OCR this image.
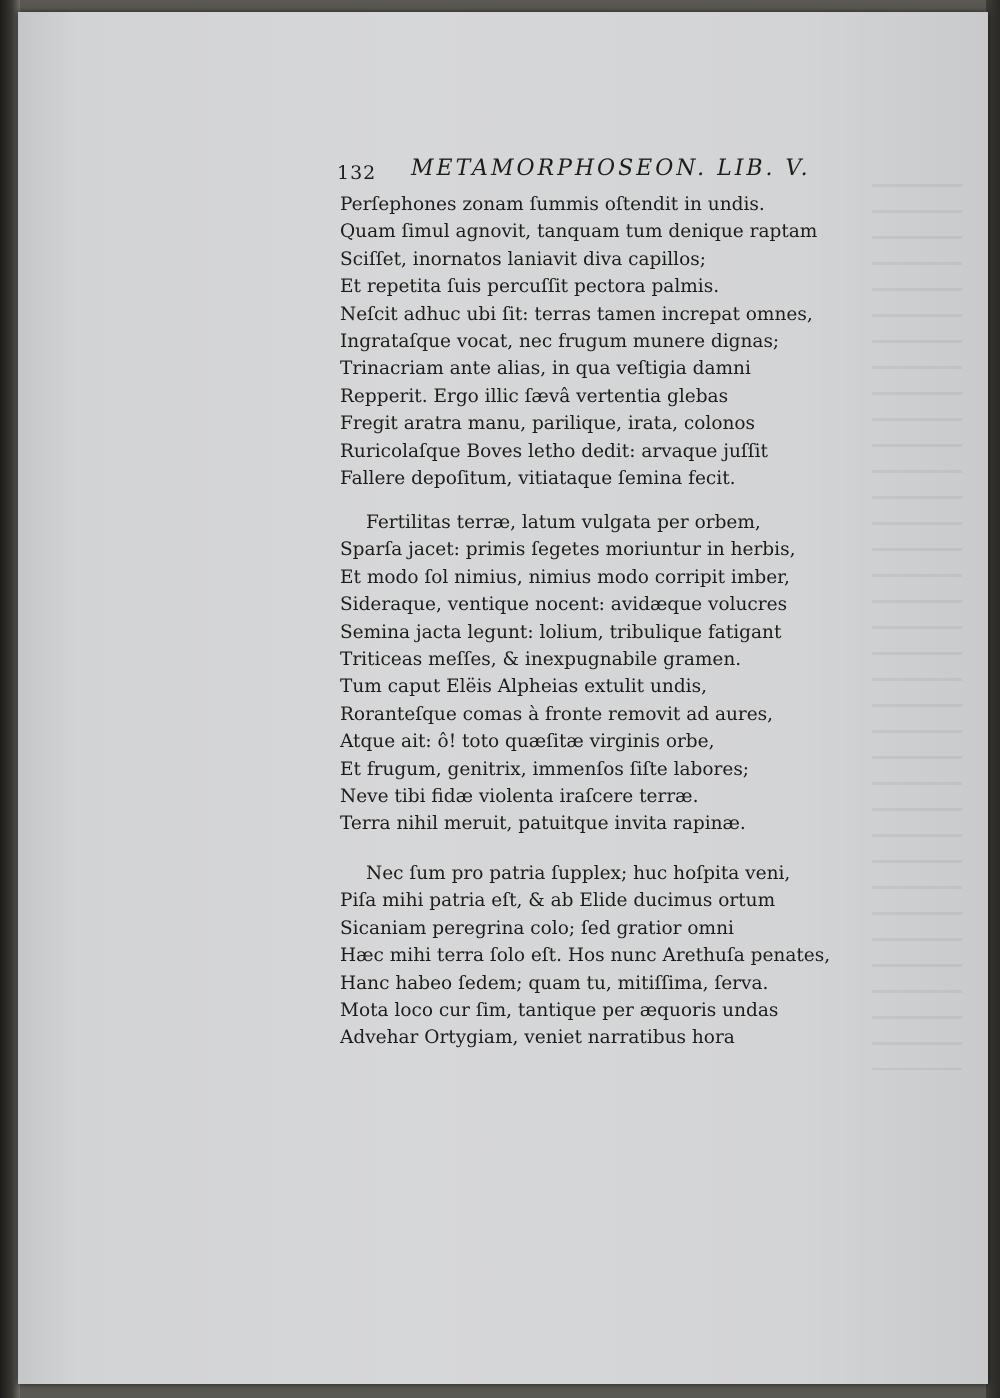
132 METAMORPHOSEON. LIB. V.
Perſephones zonam ſummis oſtendit in undis.
Quam ſimul agnovit, tanquam tum denique raptam
Sciſſet, inornatos laniavit diva capillos;
Et repetita ſuis percuſſit pectora palmis.
Neſcit adhuc ubi ſit: terras tamen increpat omnes,
Ingrataſque vocat, nec frugum munere dignas;
Trinacriam ante alias, in qua veſtigia damni
Repperit. Ergo illic ſævâ vertentia glebas
Fregit aratra manu, parilique, irata, colonos
Ruricolaſque Boves letho dedit: arvaque juſſit
Fallere depoſitum, vitiataque ſemina fecit.
Fertilitas terræ, latum vulgata per orbem,
Sparſa jacet: primis ſegetes moriuntur in herbis,
Et modo ſol nimius, nimius modo corripit imber,
Sideraque, ventique nocent: avidæque volucres
Semina jacta legunt: lolium, tribulique fatigant
Triticeas meſſes, & inexpugnabile gramen.
Tum caput Elëis Alpheias extulit undis,
Roranteſque comas à fronte removit ad aures,
Atque ait: ô! toto quæſitæ virginis orbe,
Et frugum, genitrix, immenſos ſiſte labores;
Neve tibi fidæ violenta iraſcere terræ.
Terra nihil meruit, patuitque invita rapinæ.
Nec ſum pro patria ſupplex; huc hoſpita veni,
Piſa mihi patria eſt, & ab Elide ducimus ortum
Sicaniam peregrina colo; ſed gratior omni
Hæc mihi terra ſolo eſt. Hos nunc Arethuſa penates,
Hanc habeo ſedem; quam tu, mitiſſima, ſerva.
Mota loco cur ſim, tantique per æquoris undas
Advehar Ortygiam, veniet narratibus hora
